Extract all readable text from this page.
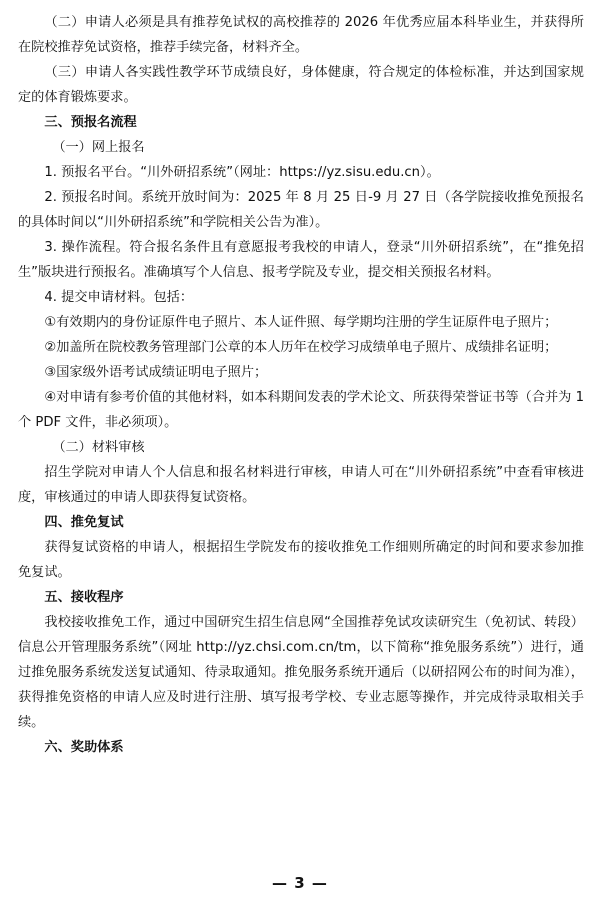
（二）申请人必须是具有推荐免试权的高校推荐的 2026 年优秀应届本科毕业生，并获得所在院校推荐免试资格，推荐手续完备，材料齐全。

（三）申请人各实践性教学环节成绩良好，身体健康，符合规定的体检标准，并达到国家规定的体育锻炼要求。

三、预报名流程

（一）网上报名

1. 预报名平台。“川外研招系统”（网址：https://yz.sisu.edu.cn）。

2. 预报名时间。系统开放时间为：2025 年 8 月 25 日-9 月 27 日（各学院接收推免预报名的具体时间以“川外研招系统”和学院相关公告为准）。

3. 操作流程。符合报名条件且有意愿报考我校的申请人，登录“川外研招系统”，在“推免招生”版块进行预报名。准确填写个人信息、报考学院及专业，提交相关预报名材料。

4. 提交申请材料。包括：

①有效期内的身份证原件电子照片、本人证件照、每学期均注册的学生证原件电子照片；

②加盖所在院校教务管理部门公章的本人历年在校学习成绩单电子照片、成绩排名证明；

③国家级外语考试成绩证明电子照片；

④对申请有参考价值的其他材料，如本科期间发表的学术论文、所获得荣誉证书等（合并为 1 个 PDF 文件，非必须项）。

（二）材料审核

招生学院对申请人个人信息和报名材料进行审核，申请人可在“川外研招系统”中查看审核进度，审核通过的申请人即获得复试资格。

四、推免复试

获得复试资格的申请人，根据招生学院发布的接收推免工作细则所确定的时间和要求参加推免复试。

五、接收程序

我校接收推免工作，通过中国研究生招生信息网“全国推荐免试攻读研究生（免初试、转段）信息公开管理服务系统”（网址 http://yz.chsi.com.cn/tm，以下简称“推免服务系统”）进行，通过推免服务系统发送复试通知、待录取通知。推免服务系统开通后（以研招网公布的时间为准），获得推免资格的申请人应及时进行注册、填写报考学校、专业志愿等操作，并完成待录取相关手续。

六、奖助体系

— 3 —
